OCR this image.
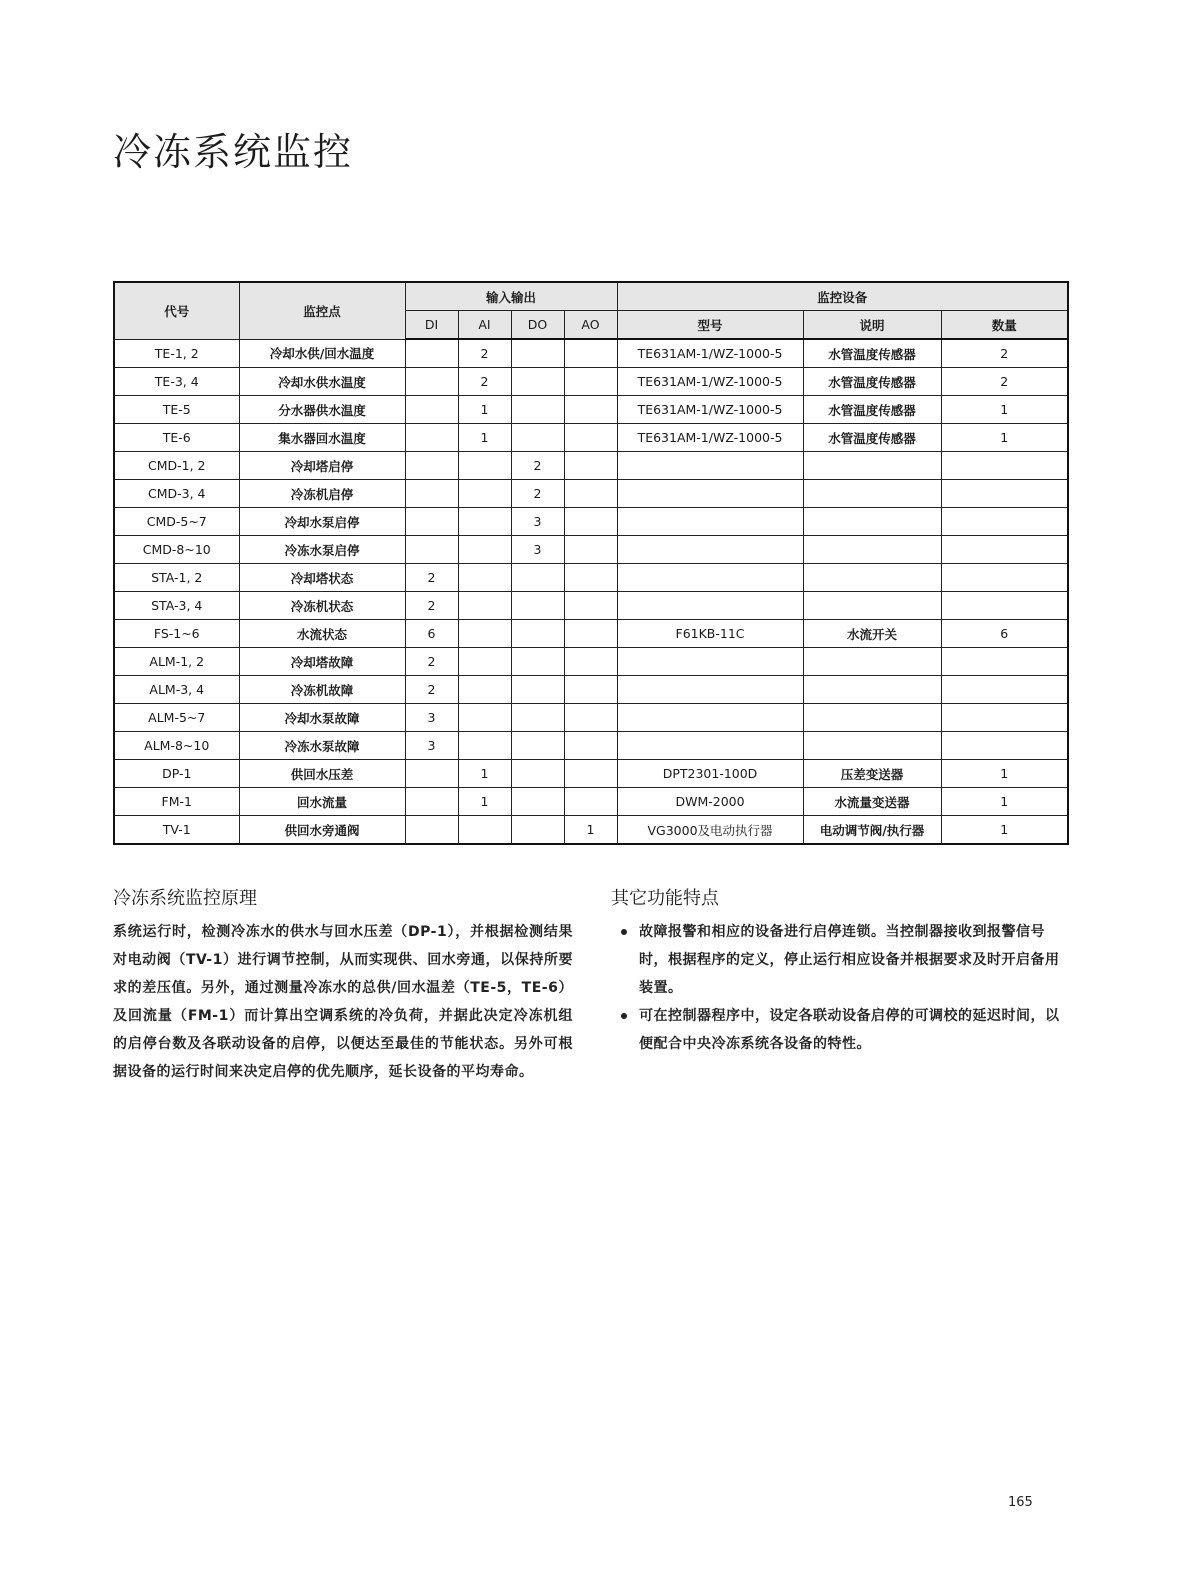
冷冻系统监控
代号	监控点	输入输出				监控设备		
		DI	AI	DO	AO	型号	说明	数量
TE-1, 2	冷却水供/回水温度		2			TE631AM-1/WZ-1000-5	水管温度传感器	2
TE-3, 4	冷却水供水温度		2			TE631AM-1/WZ-1000-5	水管温度传感器	2
TE-5	分水器供水温度		1			TE631AM-1/WZ-1000-5	水管温度传感器	1
TE-6	集水器回水温度		1			TE631AM-1/WZ-1000-5	水管温度传感器	1
CMD-1, 2	冷却塔启停			2				
CMD-3, 4	冷冻机启停			2				
CMD-5~7	冷却水泵启停			3				
CMD-8~10	冷冻水泵启停			3				
STA-1, 2	冷却塔状态	2						
STA-3, 4	冷冻机状态	2						
FS-1~6	水流状态	6				F61KB-11C	水流开关	6
ALM-1, 2	冷却塔故障	2						
ALM-3, 4	冷冻机故障	2						
ALM-5~7	冷却水泵故障	3						
ALM-8~10	冷冻水泵故障	3						
DP-1	供回水压差		1			DPT2301-100D	压差变送器	1
FM-1	回水流量		1			DWM-2000	水流量变送器	1
TV-1	供回水旁通阀				1	VG3000及电动执行器	电动调节阀/执行器	1
冷冻系统监控原理

系统运行时，检测冷冻水的供水与回水压差（DP-1），并根据检测结果对电动阀（TV-1）进行调节控制，从而实现供、回水旁通，以保持所要求的差压值。另外，通过测量冷冻水的总供/回水温差（TE-5，TE-6）及回流量（FM-1）而计算出空调系统的冷负荷，并据此决定冷冻机组的启停台数及各联动设备的启停，以便达至最佳的节能状态。另外可根据设备的运行时间来决定启停的优先顺序，延长设备的平均寿命。

其它功能特点
故障报警和相应的设备进行启停连锁。当控制器接收到报警信号时，根据程序的定义，停止运行相应设备并根据要求及时开启备用装置。
可在控制器程序中，设定各联动设备启停的可调校的延迟时间，以便配合中央冷冻系统各设备的特性。
165
